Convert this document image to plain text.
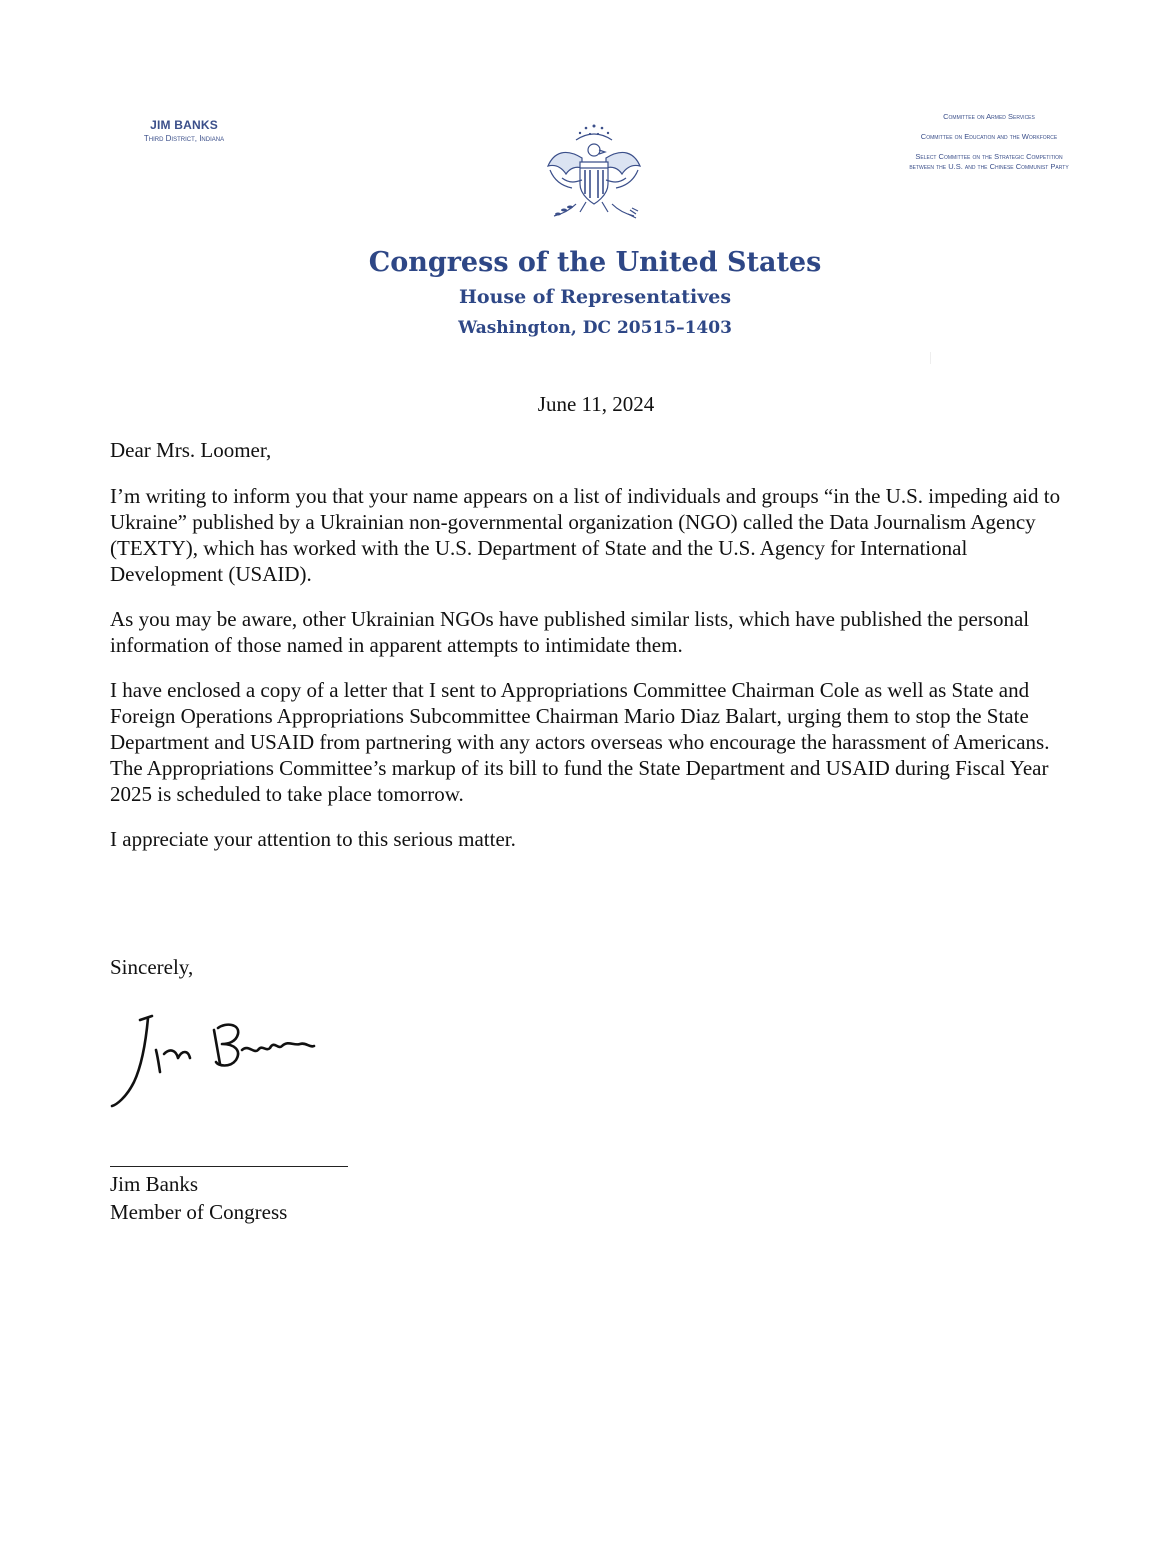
JIM BANKS
Third District, Indiana
Committee on Armed Services
Committee on Education and the Workforce
Select Committee on the Strategic Competition between the U.S. and the Chinese Communist Party
Congress of the United States
House of Representatives
Washington, DC 20515–1403
June 11, 2024

Dear Mrs. Loomer,

I’m writing to inform you that your name appears on a list of individuals and groups “in the U.S. impeding aid to Ukraine” published by a Ukrainian non-governmental organization (NGO) called the Data Journalism Agency (TEXTY), which has worked with the U.S. Department of State and the U.S. Agency for International Development (USAID).

As you may be aware, other Ukrainian NGOs have published similar lists, which have published the personal information of those named in apparent attempts to intimidate them.

I have enclosed a copy of a letter that I sent to Appropriations Committee Chairman Cole as well as State and Foreign Operations Appropriations Subcommittee Chairman Mario Diaz Balart, urging them to stop the State Department and USAID from partnering with any actors overseas who encourage the harassment of Americans. The Appropriations Committee’s markup of its bill to fund the State Department and USAID during Fiscal Year 2025 is scheduled to take place tomorrow.

I appreciate your attention to this serious matter.

Sincerely,
Jim Banks
Member of Congress
